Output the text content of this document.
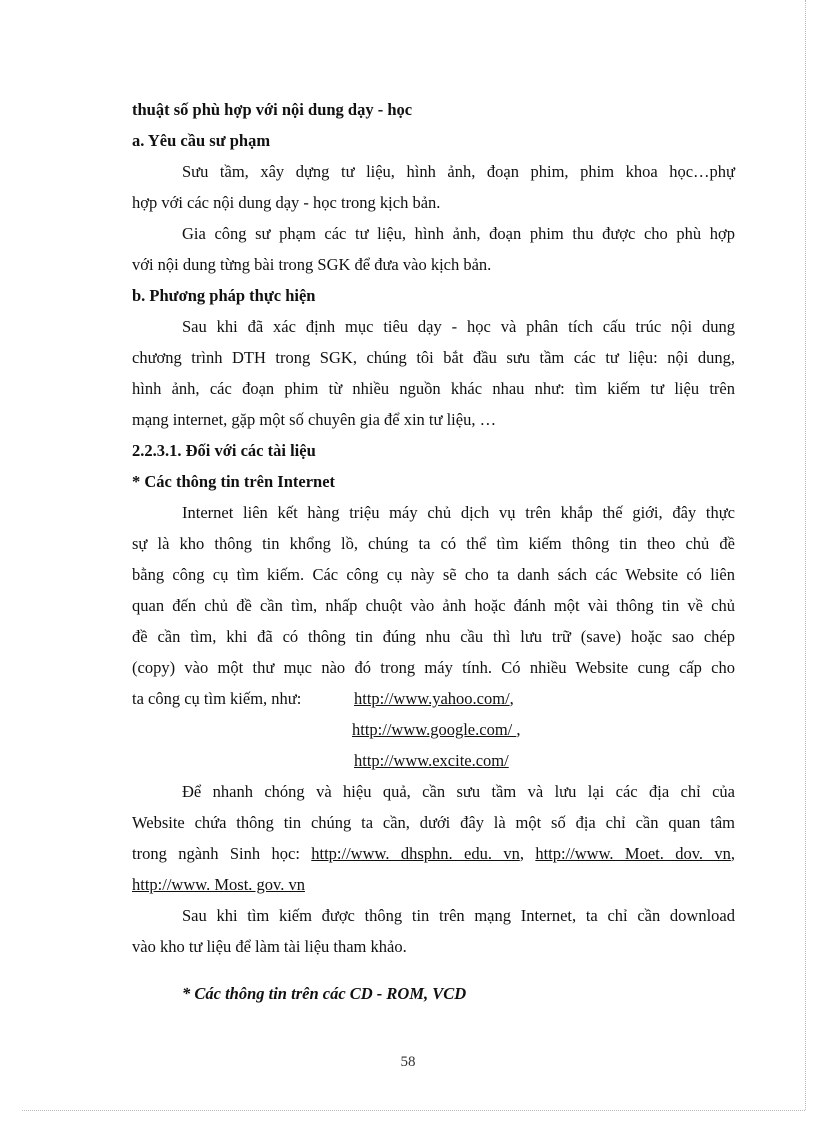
thuật số phù hợp với nội dung dạy - học
a. Yêu cầu sư phạm
Sưu tầm, xây dựng tư liệu, hình ảnh, đoạn phim, phim khoa học…phự
hợp với các nội dung dạy - học trong kịch bản.
Gia công sư phạm các tư liệu, hình ảnh, đoạn phim thu được cho phù hợp
với nội dung từng bài trong SGK để đưa vào kịch bản.
b. Phương pháp thực hiện
Sau khi đã xác định mục tiêu dạy - học và phân tích cấu trúc nội dung
chương trình DTH trong SGK, chúng tôi bắt đầu sưu tầm các tư liệu: nội dung,
hình ảnh, các đoạn phim từ nhiều nguồn khác nhau như: tìm kiếm tư liệu trên
mạng internet, gặp một số chuyên gia để xin tư liệu, …
2.2.3.1. Đối với các tài liệu
* Các thông tin trên Internet
Internet liên kết hàng triệu máy chủ dịch vụ trên khắp thế giới, đây thực
sự là kho thông tin khổng lồ, chúng ta có thể tìm kiếm thông tin theo chủ đề
bằng công cụ tìm kiếm. Các công cụ này sẽ cho ta danh sách các Website có liên
quan đến chủ đề cần tìm, nhấp chuột vào ảnh hoặc đánh một vài thông tin về chủ
đề cần tìm, khi đã có thông tin đúng nhu cầu thì lưu trữ (save) hoặc sao chép
(copy) vào một thư mục nào đó trong máy tính. Có nhiều Website cung cấp cho
ta công cụ tìm kiếm, như:	http://www.yahoo.com/,
http://www.google.com/ ,
http://www.excite.com/
Để nhanh chóng và hiệu quả, cần sưu tầm và lưu lại các địa chỉ của
Website chứa thông tin chúng ta cần, dưới đây là một số địa chỉ cần quan tâm
trong ngành Sinh học: http://www. dhsphn. edu. vn, http://www. Moet. dov. vn,
http://www. Most. gov. vn
Sau khi tìm kiếm được thông tin trên mạng Internet, ta chỉ cần download
vào kho tư liệu để làm tài liệu tham khảo.
* Các thông tin trên các CD - ROM, VCD
58
